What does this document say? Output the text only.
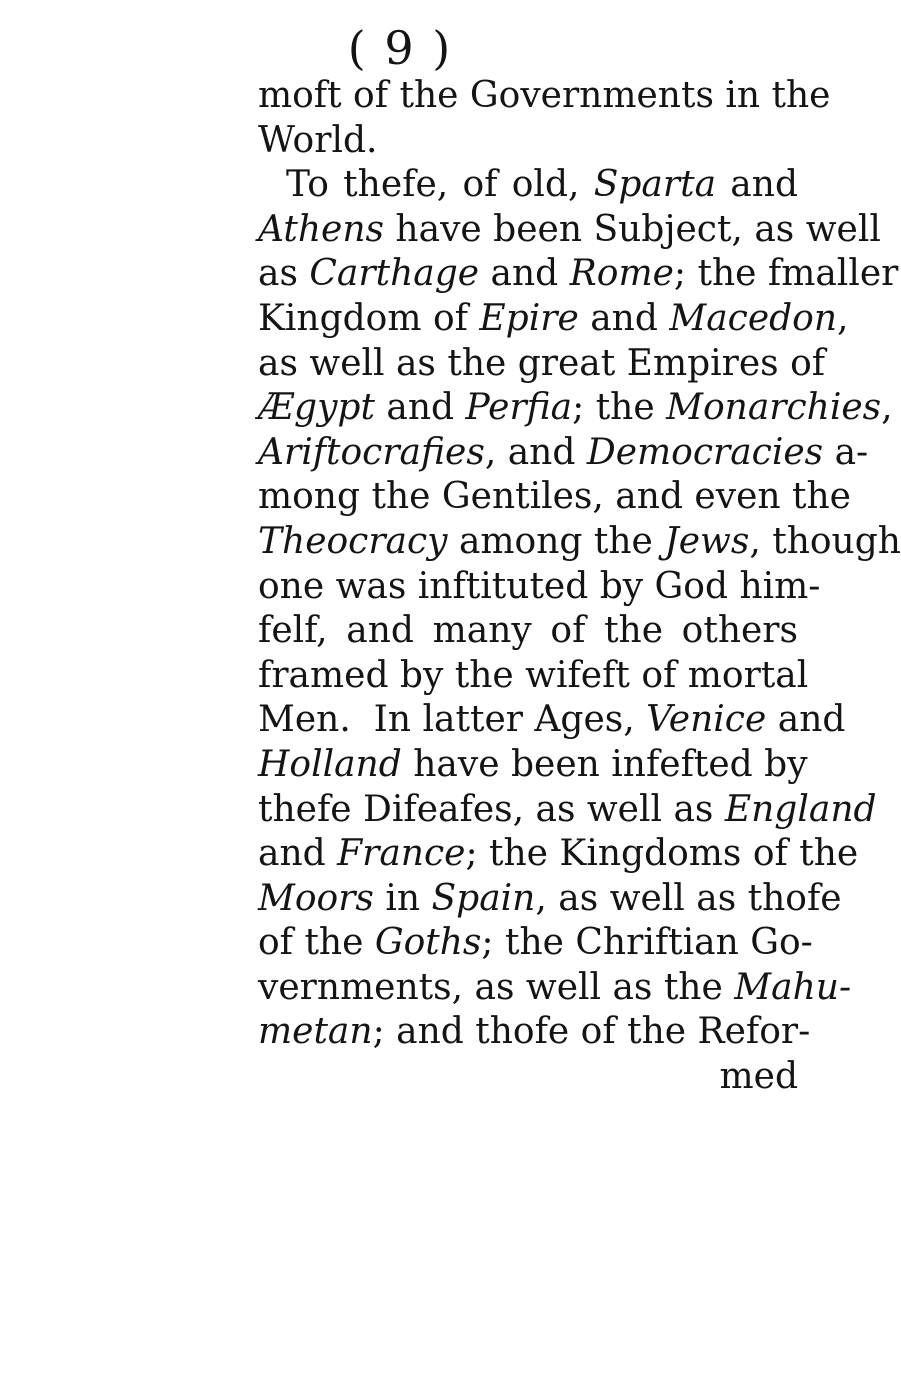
( 9 )
moft of the Governments in the
World.
To thefe, of old, Sparta and
Athens have been Subject, as well
as Carthage and Rome; the fmaller
Kingdom of Epire and Macedon,
as well as the great Empires of
Ægypt and Perfia; the Monarchies,
Ariftocrafies, and Democracies a-
mong the Gentiles, and even the
Theocracy among the Jews, though
one was inftituted by God him-
felf, and many of the others
framed by the wifeft of mortal
Men.  In latter Ages, Venice and
Holland have been infefted by
thefe Difeafes, as well as England
and France; the Kingdoms of the
Moors in Spain, as well as thofe
of the Goths; the Chriftian Go-
vernments, as well as the Mahu-
metan; and thofe of the Refor-
med
